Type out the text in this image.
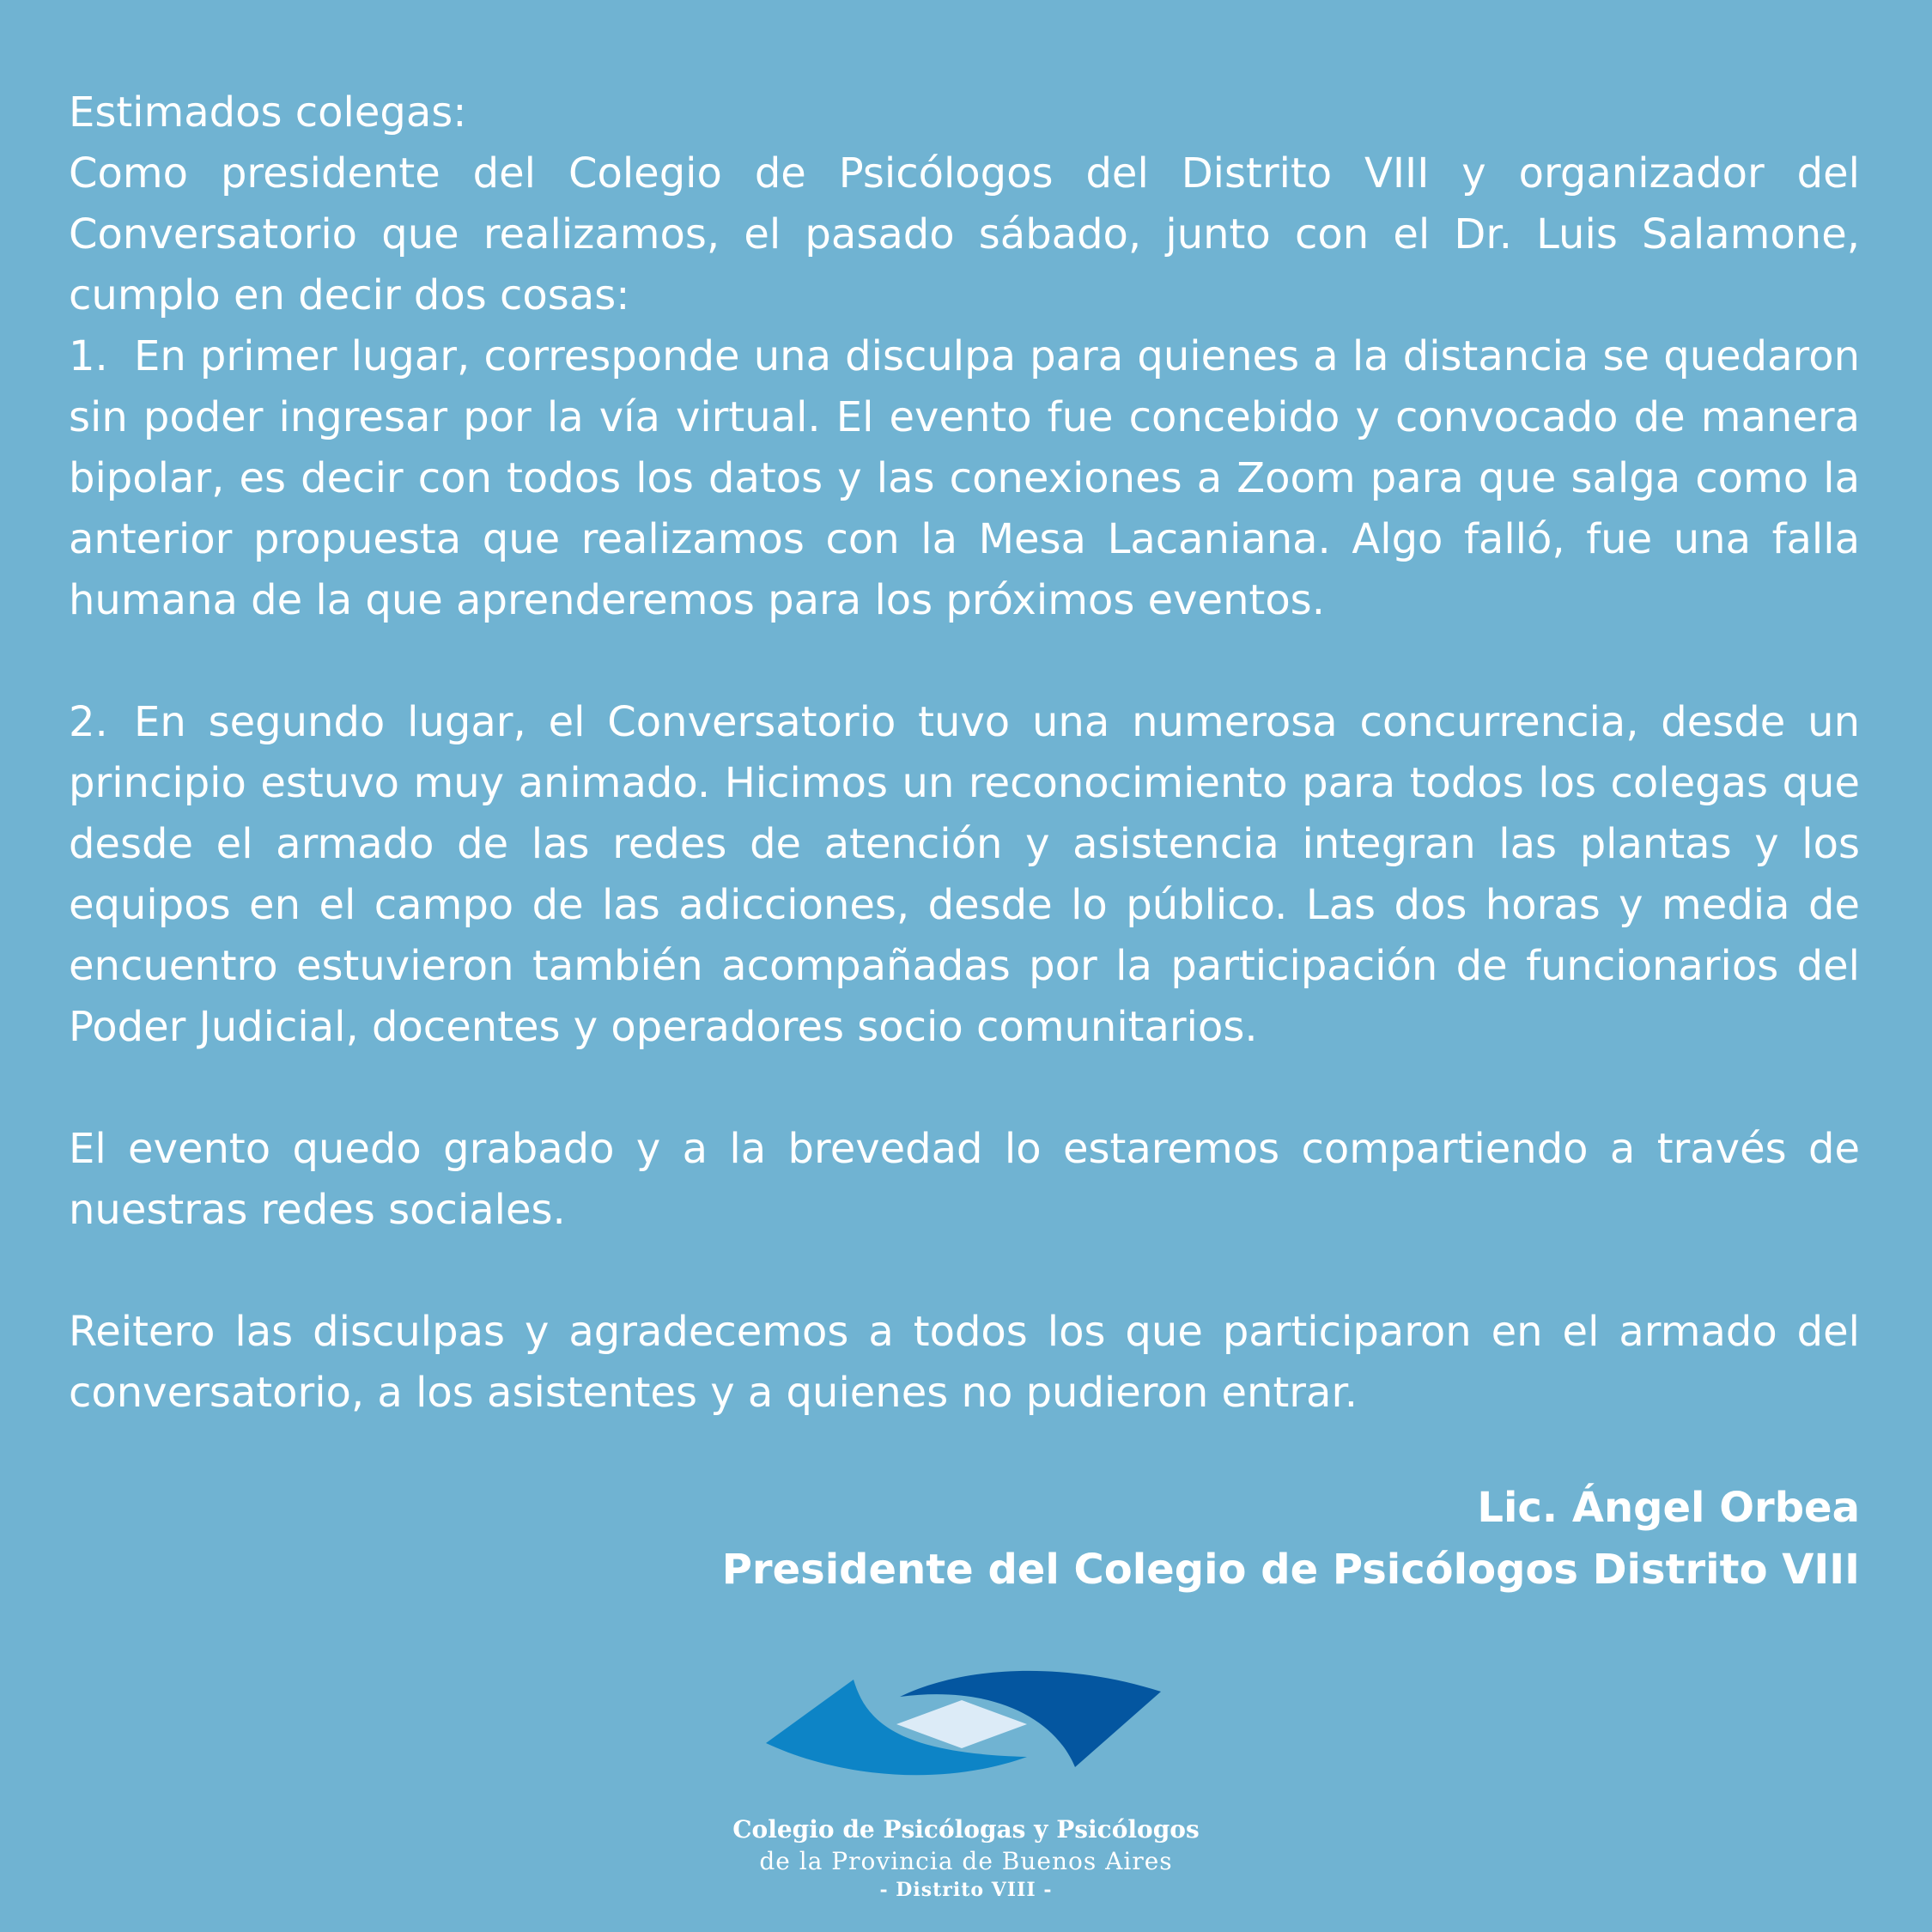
Estimados colegas:

Como presidente del Colegio de Psicólogos del Distrito VIII y organizador del Conversatorio que realizamos, el pasado sábado, junto con el Dr. Luis Salamone, cumplo en decir dos cosas:

1. En primer lugar, corresponde una disculpa para quienes a la distancia se quedaron sin poder ingresar por la vía virtual. El evento fue concebido y convocado de manera bipolar, es decir con todos los datos y las conexiones a Zoom para que salga como la anterior propuesta que realizamos con la Mesa Lacaniana. Algo falló, fue una falla humana de la que aprenderemos para los próximos eventos.

2. En segundo lugar, el Conversatorio tuvo una numerosa concurrencia, desde un principio estuvo muy animado. Hicimos un reconocimiento para todos los colegas que desde el armado de las redes de atención y asistencia integran las plantas y los equipos en el campo de las adicciones, desde lo público. Las dos horas y media de encuentro estuvieron también acompañadas por la participación de funcionarios del Poder Judicial, docentes y operadores socio comunitarios.

El evento quedo grabado y a la brevedad lo estaremos compartiendo a través de nuestras redes sociales.

Reitero las disculpas y agradecemos a todos los que participaron en el armado del conversatorio, a los asistentes y a quienes no pudieron entrar.

Lic. Ángel Orbea
Presidente del Colegio de Psicólogos Distrito VIII
Colegio de Psicólogas y Psicólogos
de la Provincia de Buenos Aires
- Distrito VIII -
